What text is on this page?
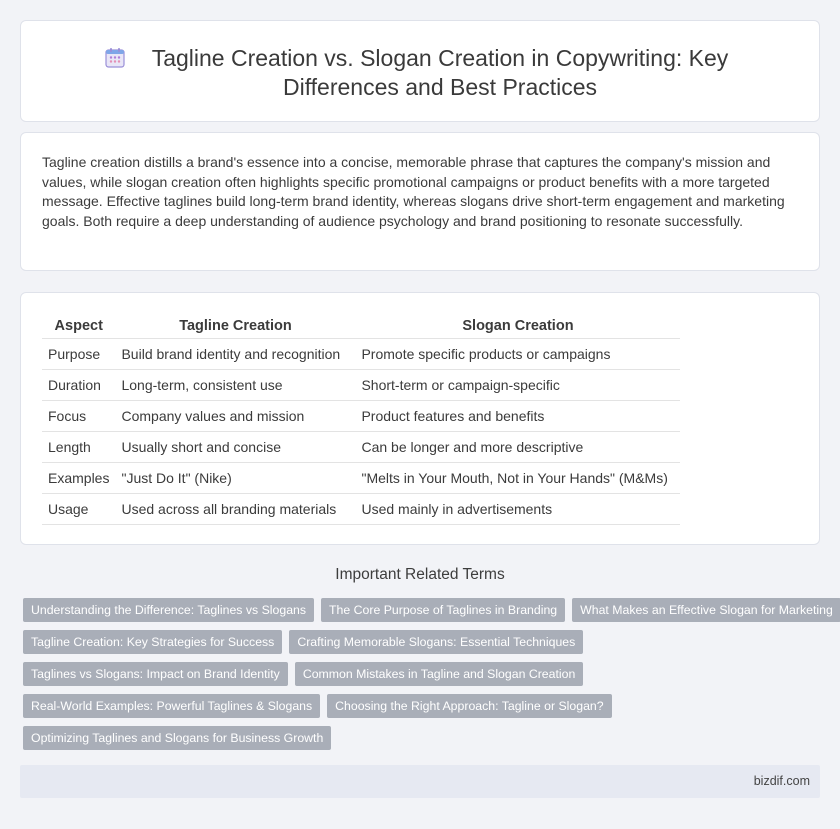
Tagline Creation vs. Slogan Creation in Copywriting: Key Differences and Best Practices

Tagline creation distills a brand's essence into a concise, memorable phrase that captures the company's mission and values, while slogan creation often highlights specific promotional campaigns or product benefits with a more targeted message. Effective taglines build long-term brand identity, whereas slogans drive short-term engagement and marketing goals. Both require a deep understanding of audience psychology and brand positioning to resonate successfully.

Aspect	Tagline Creation	Slogan Creation
Purpose	Build brand identity and recognition	Promote specific products or campaigns
Duration	Long-term, consistent use	Short-term or campaign-specific
Focus	Company values and mission	Product features and benefits
Length	Usually short and concise	Can be longer and more descriptive
Examples	"Just Do It" (Nike)	"Melts in Your Mouth, Not in Your Hands" (M&Ms)
Usage	Used across all branding materials	Used mainly in advertisements
Important Related Terms
Understanding the Difference: Taglines vs Slogans	The Core Purpose of Taglines in Branding	What Makes an Effective Slogan for Marketing
Tagline Creation: Key Strategies for Success	Crafting Memorable Slogans: Essential Techniques
Taglines vs Slogans: Impact on Brand Identity	Common Mistakes in Tagline and Slogan Creation
Real-World Examples: Powerful Taglines & Slogans	Choosing the Right Approach: Tagline or Slogan?
Optimizing Taglines and Slogans for Business Growth
bizdif.com
